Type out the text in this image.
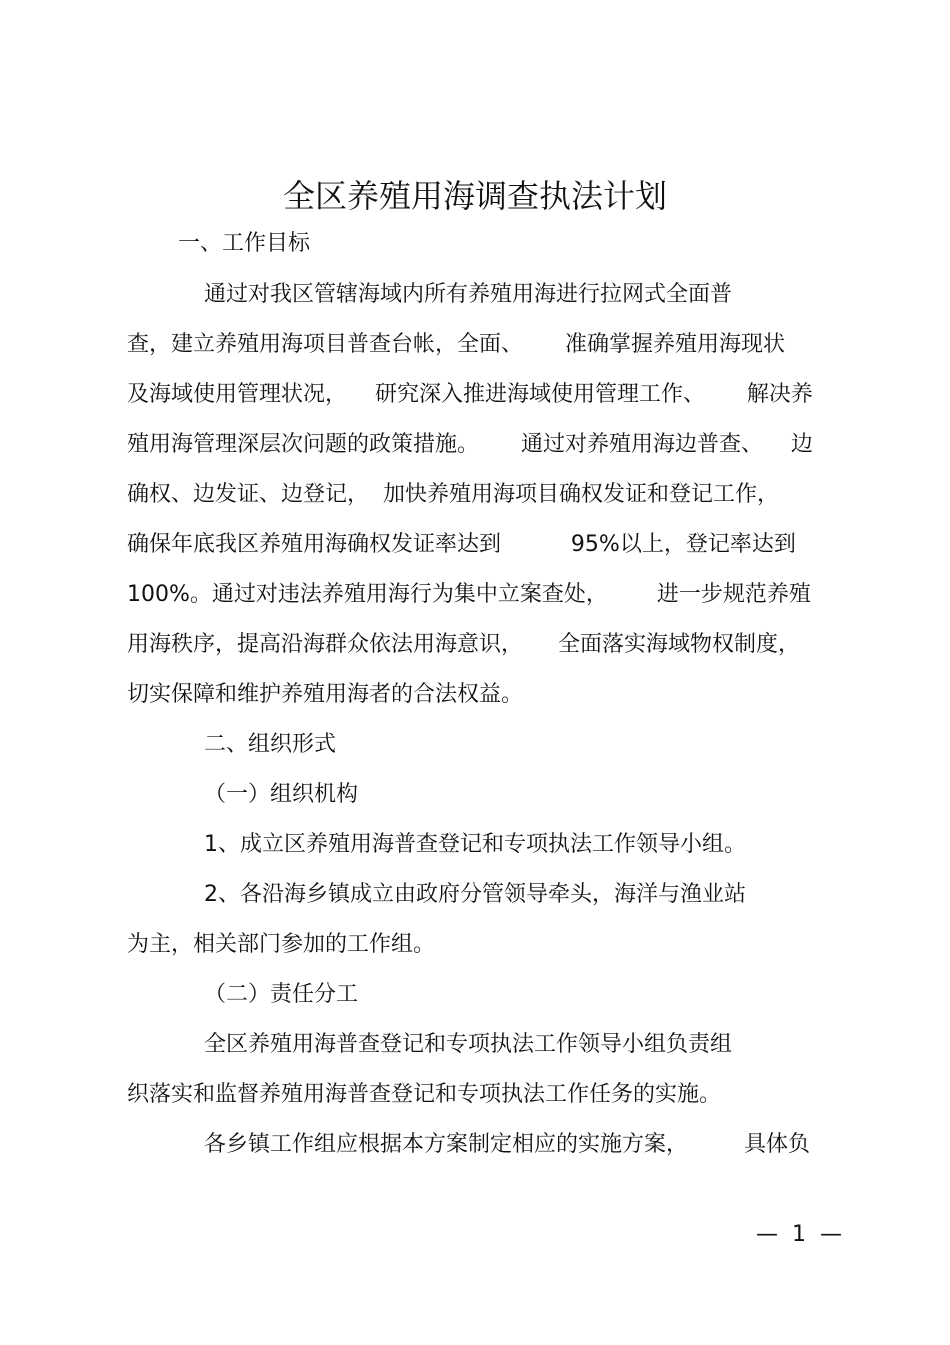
全区养殖用海调查执法计划

一、工作目标

通过对我区管辖海域内所有养殖用海进行拉网式全面普

查，建立养殖用海项目普查台帐，全面、      准确掌握养殖用海现状

及海域使用管理状况，    研究深入推进海域使用管理工作、      解决养

殖用海管理深层次问题的政策措施。      通过对养殖用海边普查、    边

确权、边发证、边登记，  加快养殖用海项目确权发证和登记工作，

确保年底我区养殖用海确权发证率达到          95%以上，登记率达到

100%。通过对违法养殖用海行为集中立案查处，       进一步规范养殖

用海秩序，提高沿海群众依法用海意识，     全面落实海域物权制度，

切实保障和维护养殖用海者的合法权益。

二、组织形式

（一）组织机构

1、成立区养殖用海普查登记和专项执法工作领导小组。

2、各沿海乡镇成立由政府分管领导牵头，海洋与渔业站

为主，相关部门参加的工作组。

（二）责任分工

全区养殖用海普查登记和专项执法工作领导小组负责组

织落实和监督养殖用海普查登记和专项执法工作任务的实施。

各乡镇工作组应根据本方案制定相应的实施方案，        具体负

—  1  —
